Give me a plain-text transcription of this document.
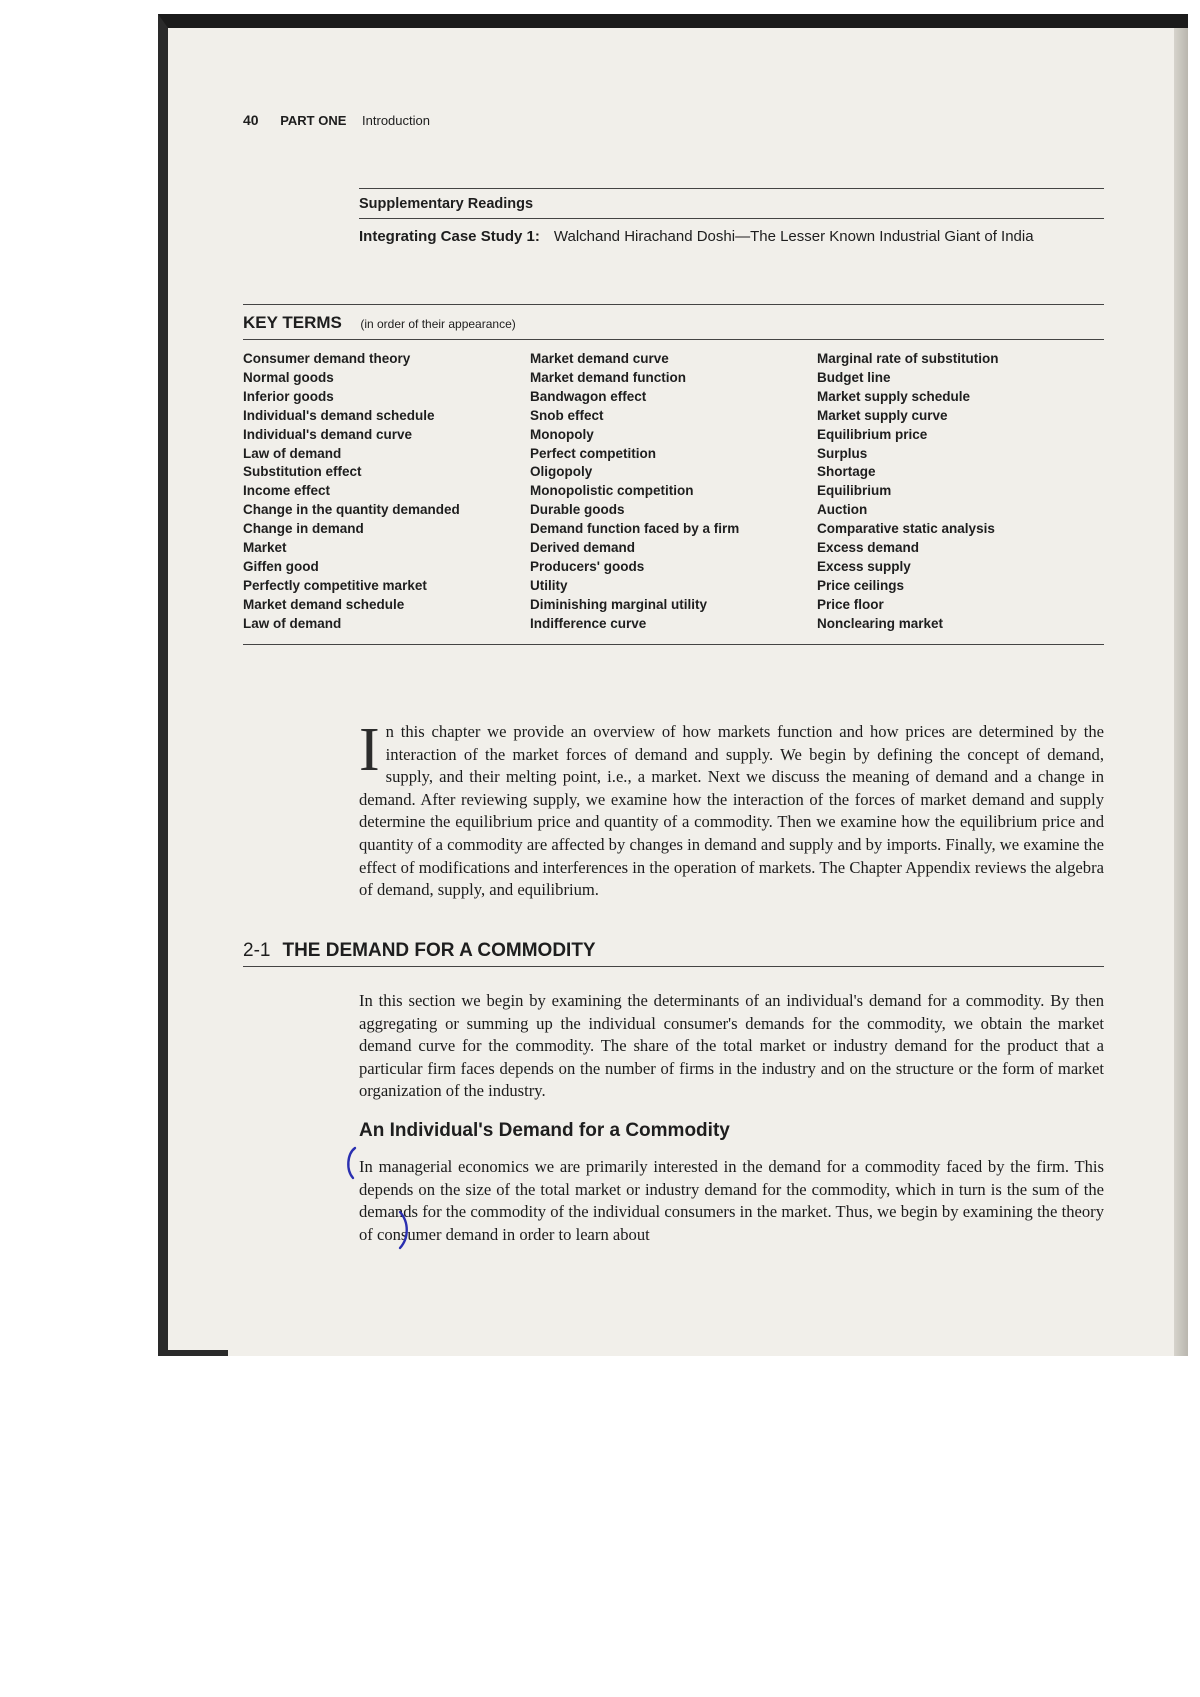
40 PART ONE Introduction
Supplementary Readings
Integrating Case Study 1: Walchand Hirachand Doshi—The Lesser Known Industrial Giant of India
KEY TERMS (in order of their appearance)
Consumer demand theory
Normal goods
Inferior goods
Individual's demand schedule
Individual's demand curve
Law of demand
Substitution effect
Income effect
Change in the quantity demanded
Change in demand
Market
Giffen good
Perfectly competitive market
Market demand schedule
Law of demand
Market demand curve
Market demand function
Bandwagon effect
Snob effect
Monopoly
Perfect competition
Oligopoly
Monopolistic competition
Durable goods
Demand function faced by a firm
Derived demand
Producers' goods
Utility
Diminishing marginal utility
Indifference curve
Marginal rate of substitution
Budget line
Market supply schedule
Market supply curve
Equilibrium price
Surplus
Shortage
Equilibrium
Auction
Comparative static analysis
Excess demand
Excess supply
Price ceilings
Price floor
Nonclearing market
In this chapter we provide an overview of how markets function and how prices are determined by the interaction of the market forces of demand and supply. We begin by defining the concept of demand, supply, and their melting point, i.e., a market. Next we discuss the meaning of demand and a change in demand. After reviewing supply, we examine how the interaction of the forces of market demand and supply determine the equilibrium price and quantity of a commodity. Then we examine how the equilibrium price and quantity of a commodity are affected by changes in demand and supply and by imports. Finally, we examine the effect of modifications and interferences in the operation of markets. The Chapter Appendix reviews the algebra of demand, supply, and equilibrium.
2-1 THE DEMAND FOR A COMMODITY
In this section we begin by examining the determinants of an individual's demand for a commodity. By then aggregating or summing up the individual consumer's demands for the commodity, we obtain the market demand curve for the commodity. The share of the total market or industry demand for the product that a particular firm faces depends on the number of firms in the industry and on the structure or the form of market organization of the industry.
An Individual's Demand for a Commodity
In managerial economics we are primarily interested in the demand for a commodity faced by the firm. This depends on the size of the total market or industry demand for the commodity, which in turn is the sum of the demands for the commodity of the individual consumers in the market. Thus, we begin by examining the theory of consumer demand in order to learn about
